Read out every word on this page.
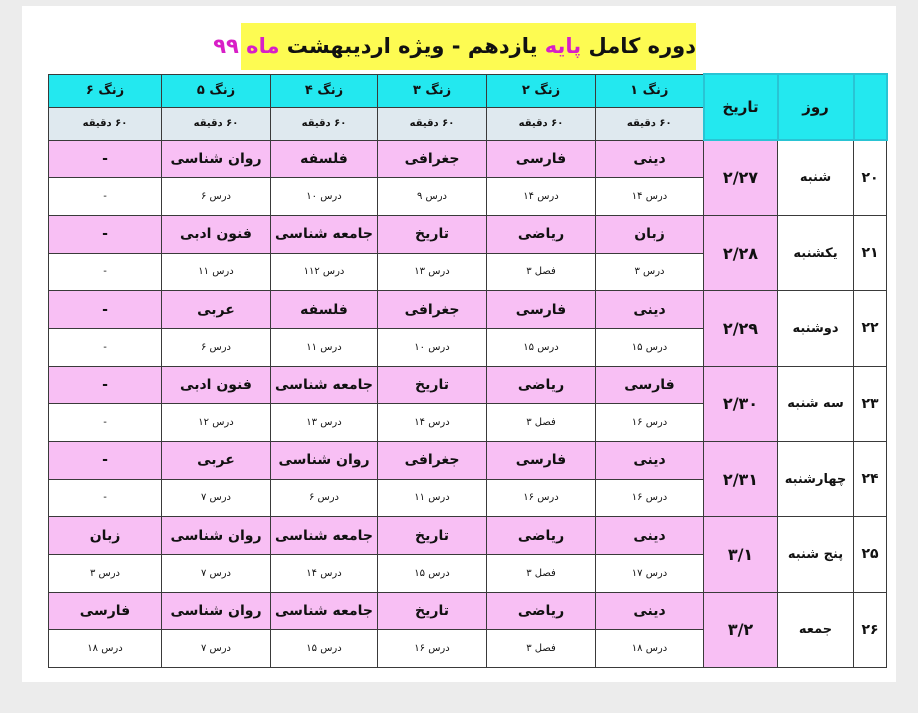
دوره کامل پایه یازدهم - ویژه اردیبهشت ماه ۹۹
	روز	تاریخ	زنگ ۱	زنگ ۲	زنگ ۳	زنگ ۴	زنگ ۵	زنگ ۶
			۶۰ دقیقه	۶۰ دقیقه	۶۰ دقیقه	۶۰ دقیقه	۶۰ دقیقه	۶۰ دقیقه
۲۰	شنبه	۲/۲۷	دینی	فارسی	جغرافی	فلسفه	روان شناسی	-
			درس ۱۴	درس ۱۴	درس ۹	درس ۱۰	درس ۶	-
۲۱	یکشنبه	۲/۲۸	زبان	ریاضی	تاریخ	جامعه شناسی	فنون ادبی	-
			درس ۳	فصل ۳	درس ۱۳	درس ۱۱۲	درس ۱۱	-
۲۲	دوشنبه	۲/۲۹	دینی	فارسی	جغرافی	فلسفه	عربی	-
			درس ۱۵	درس ۱۵	درس ۱۰	درس ۱۱	درس ۶	-
۲۳	سه شنبه	۲/۳۰	فارسی	ریاضی	تاریخ	جامعه شناسی	فنون ادبی	-
			درس ۱۶	فصل ۳	درس ۱۴	درس ۱۳	درس ۱۲	-
۲۴	چهارشنبه	۲/۳۱	دینی	فارسی	جغرافی	روان شناسی	عربی	-
			درس ۱۶	درس ۱۶	درس ۱۱	درس ۶	درس ۷	-
۲۵	پنج شنبه	۳/۱	دینی	ریاضی	تاریخ	جامعه شناسی	روان شناسی	زبان
			درس ۱۷	فصل ۳	درس ۱۵	درس ۱۴	درس ۷	درس ۳
۲۶	جمعه	۳/۲	دینی	ریاضی	تاریخ	جامعه شناسی	روان شناسی	فارسی
			درس ۱۸	فصل ۳	درس ۱۶	درس ۱۵	درس ۷	درس ۱۸
